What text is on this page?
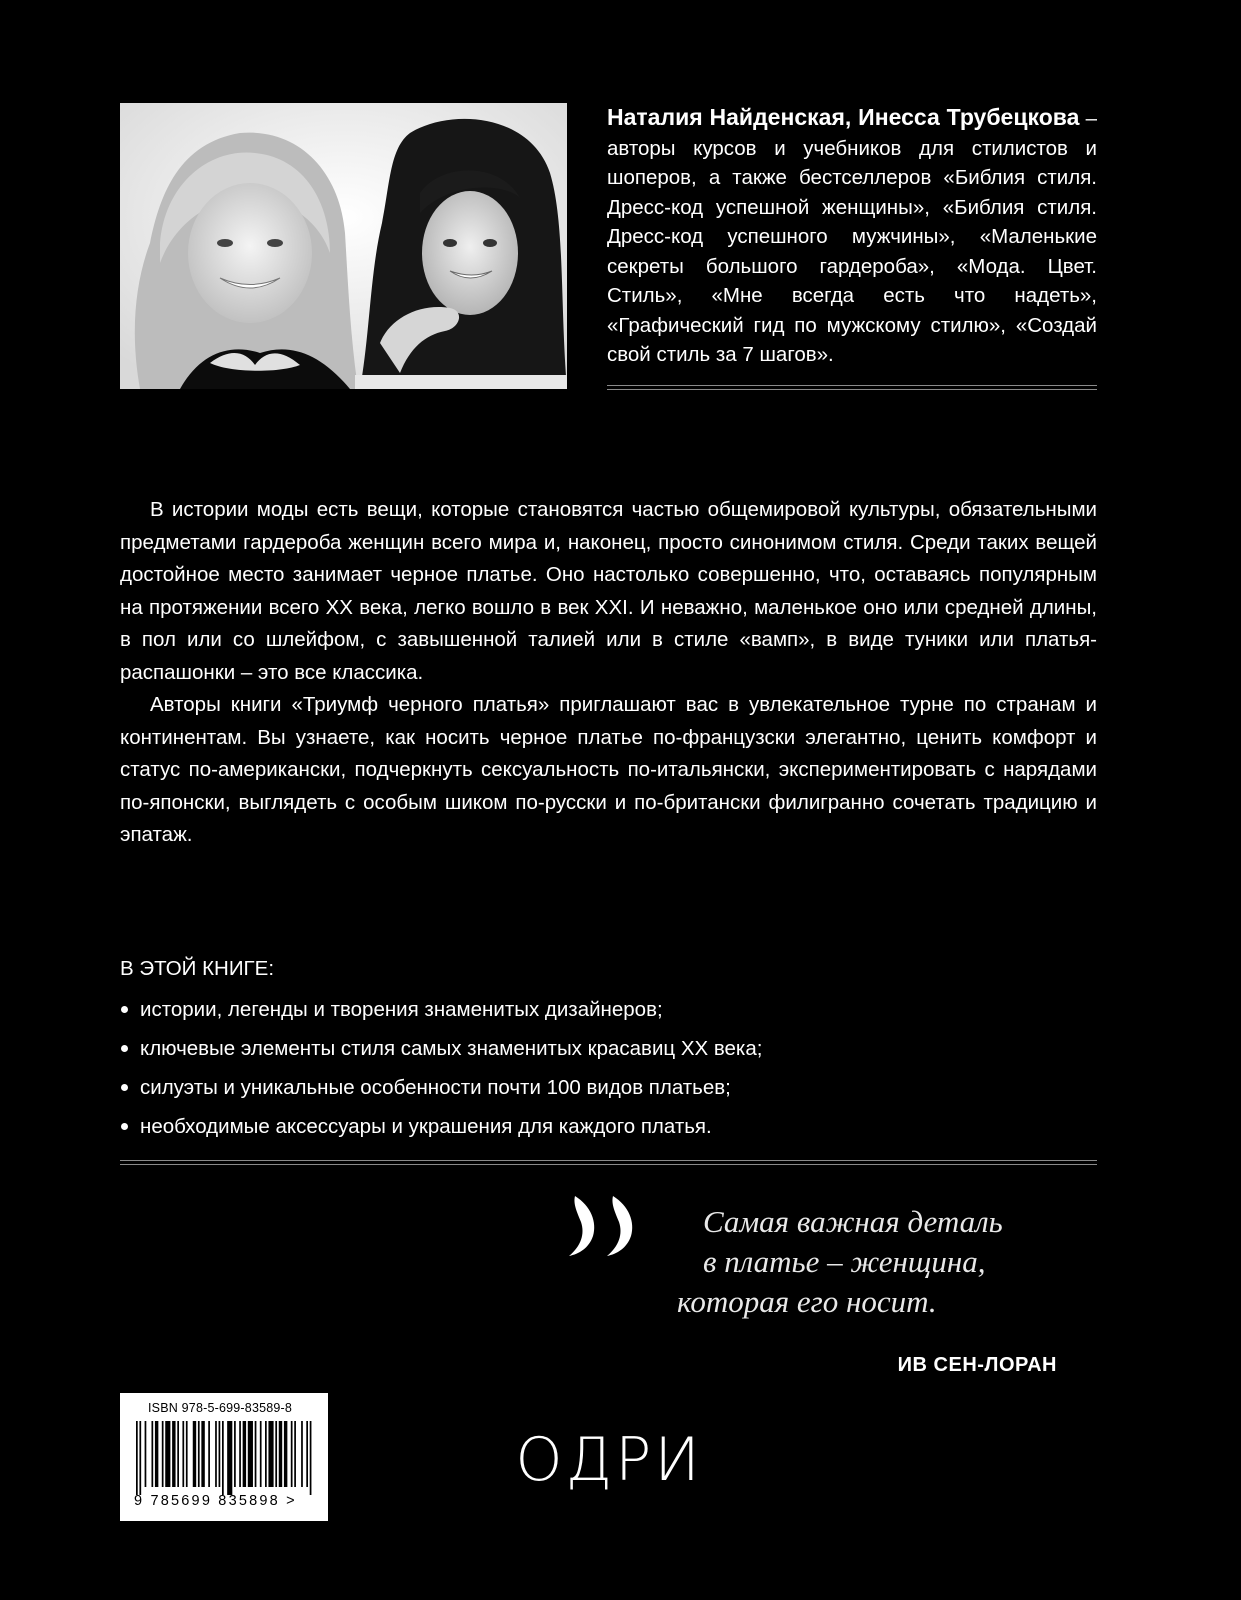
Наталия Найденская, Инесса Трубецкова – авторы курсов и учебников для стилистов и шоперов, а также бестселлеров «Библия стиля. Дресс-код успешной женщины», «Библия стиля. Дресс-код успешного мужчины», «Маленькие секреты большого гардероба», «Мода. Цвет. Стиль», «Мне всегда есть что надеть», «Графический гид по мужскому стилю», «Создай свой стиль за 7 шагов».

В истории моды есть вещи, которые становятся частью общемировой культуры, обязательными предметами гардероба женщин всего мира и, наконец, просто синонимом стиля. Среди таких вещей достойное место занимает черное платье. Оно настолько совершенно, что, оставаясь популярным на протяжении всего XX века, легко вошло в век XXI. И неважно, маленькое оно или средней длины, в пол или со шлейфом, с завышенной талией или в стиле «вамп», в виде туники или платья-распашонки – это все классика.

Авторы книги «Триумф черного платья» приглашают вас в увлекательное турне по странам и континентам. Вы узнаете, как носить черное платье по-французски элегантно, ценить комфорт и статус по-американски, подчеркнуть сексуальность по-итальянски, экспериментировать с нарядами по-японски, выглядеть с особым шиком по-русски и по-британски филигранно сочетать традицию и эпатаж.

В ЭТОЙ КНИГЕ:
истории, легенды и творения знаменитых дизайнеров;
ключевые элементы стиля самых знаменитых красавиц XX века;
силуэты и уникальные особенности почти 100 видов платьев;
необходимые аксессуары и украшения для каждого платья.
Самая важная деталь
в платье – женщина,
которая его носит.
ИВ СЕН-ЛОРАН
ISBN 978-5-699-83589-8
9 785699 835898 >
ОДРИ
